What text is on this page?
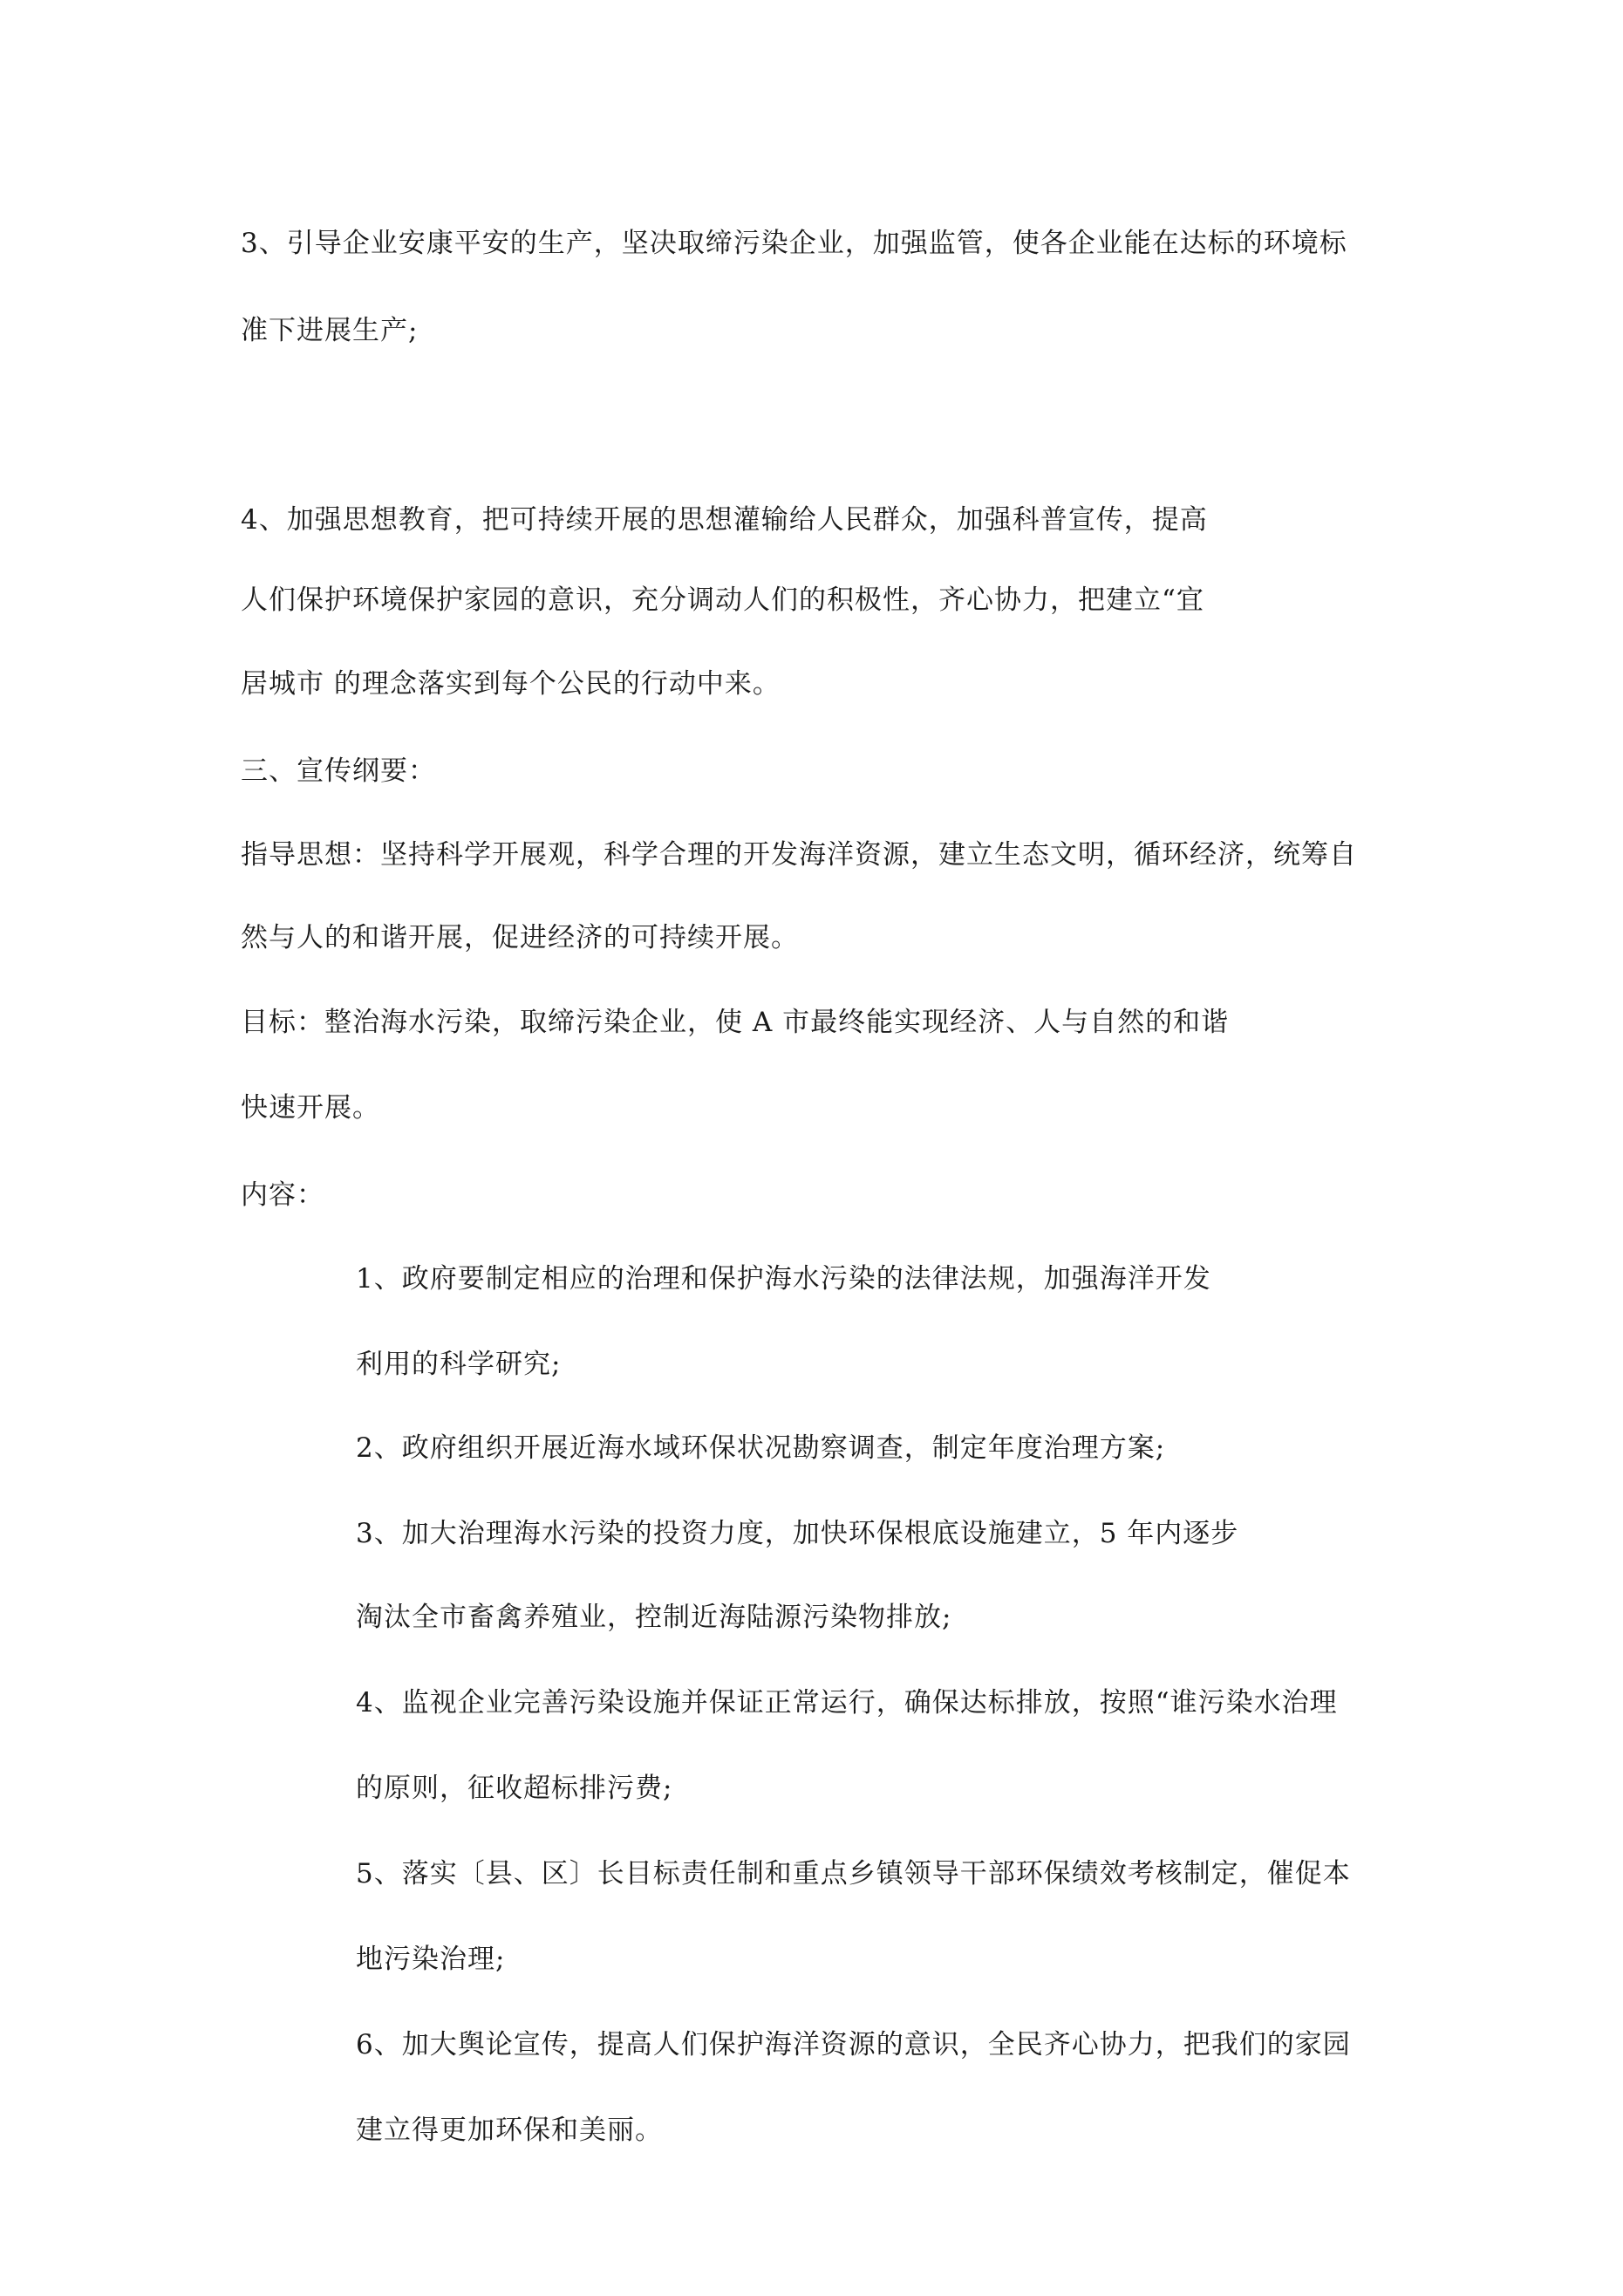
3、引导企业安康平安的生产，坚决取缔污染企业，加强监管，使各企业能在达标的环境标
准下进展生产;
4、加强思想教育，把可持续开展的思想灌输给人民群众，加强科普宣传，提高
人们保护环境保护家园的意识，充分调动人们的积极性，齐心协力，把建立“宜
居城市 的理念落实到每个公民的行动中来。
三、宣传纲要：
指导思想：坚持科学开展观，科学合理的开发海洋资源，建立生态文明，循环经济，统筹自
然与人的和谐开展，促进经济的可持续开展。
目标：整治海水污染，取缔污染企业，使 A 市最终能实现经济、人与自然的和谐
快速开展。
内容：
1、政府要制定相应的治理和保护海水污染的法律法规，加强海洋开发
利用的科学研究;
2、政府组织开展近海水域环保状况勘察调查，制定年度治理方案;
3、加大治理海水污染的投资力度，加快环保根底设施建立，5 年内逐步
淘汰全市畜禽养殖业，控制近海陆源污染物排放;
4、监视企业完善污染设施并保证正常运行，确保达标排放，按照“谁污染水治理
的原则，征收超标排污费;
5、落实〔县、区〕长目标责任制和重点乡镇领导干部环保绩效考核制定，催促本
地污染治理;
6、加大舆论宣传，提高人们保护海洋资源的意识，全民齐心协力，把我们的家园
建立得更加环保和美丽。
